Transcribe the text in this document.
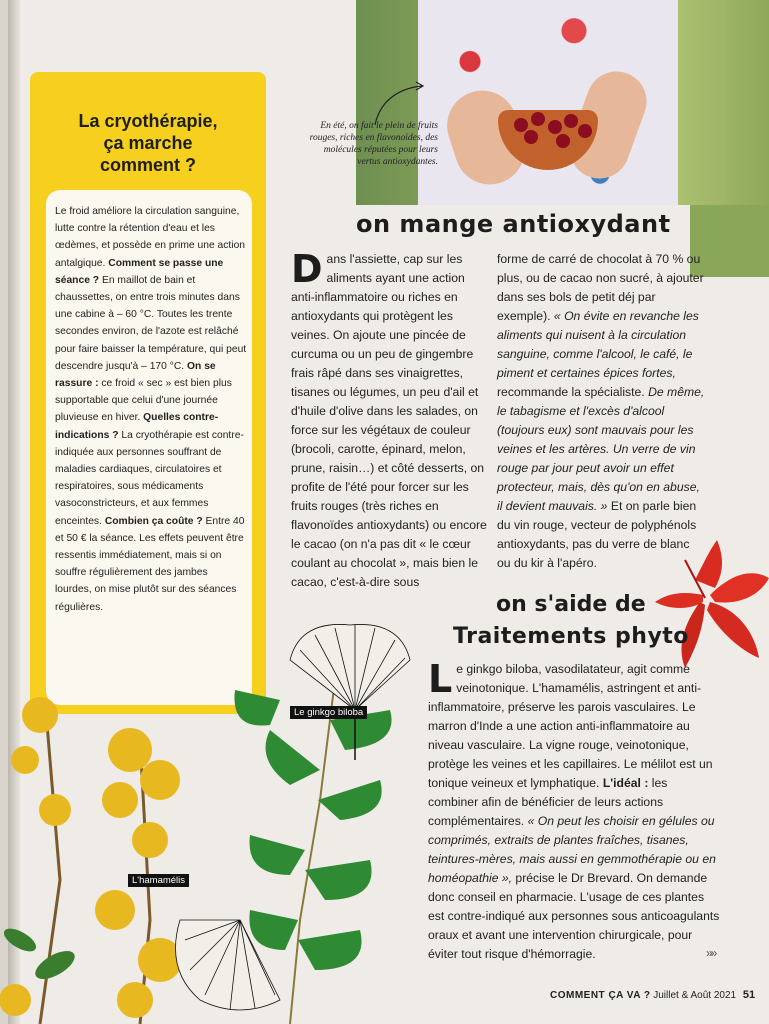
En été, on fait le plein de fruits rouges, riches en flavonoïdes, des molécules réputées pour leurs vertus antioxydantes.
La cryothérapie,
ça marche
comment ?
Le froid améliore la circulation sanguine, lutte contre la rétention d'eau et les œdèmes, et possède en prime une action antalgique. Comment se passe une séance ? En maillot de bain et chaussettes, on entre trois minutes dans une cabine à – 60 °C. Toutes les trente secondes environ, de l'azote est relâché pour faire baisser la température, qui peut descendre jusqu'à – 170 °C. On se rassure : ce froid « sec » est bien plus supportable que celui d'une journée pluvieuse en hiver. Quelles contre-indications ? La cryothérapie est contre-indiquée aux personnes souffrant de maladies cardiaques, circulatoires et respiratoires, sous médicaments vasoconstricteurs, et aux femmes enceintes. Combien ça coûte ? Entre 40 et 50 € la séance. Les effets peuvent être ressentis immédiatement, mais si on souffre régulièrement des jambes lourdes, on mise plutôt sur des séances régulières.
on mange antioxydant
Dans l'assiette, cap sur les aliments ayant une action anti-inflammatoire ou riches en antioxydants qui protègent les veines. On ajoute une pincée de curcuma ou un peu de gingembre frais râpé dans ses vinaigrettes, tisanes ou légumes, un peu d'ail et d'huile d'olive dans les salades, on force sur les végétaux de couleur (brocoli, carotte, épinard, melon, prune, raisin…) et côté desserts, on profite de l'été pour forcer sur les fruits rouges (très riches en flavonoïdes antioxydants) ou encore le cacao (on n'a pas dit « le cœur coulant au chocolat », mais bien le cacao, c'est-à-dire sous
forme de carré de chocolat à 70 % ou plus, ou de cacao non sucré, à ajouter dans ses bols de petit déj par exemple). « On évite en revanche les aliments qui nuisent à la circulation sanguine, comme l'alcool, le café, le piment et certaines épices fortes, recommande la spécialiste. De même, le tabagisme et l'excès d'alcool (toujours eux) sont mauvais pour les veines et les artères. Un verre de vin rouge par jour peut avoir un effet protecteur, mais, dès qu'on en abuse, il devient mauvais. » Et on parle bien du vin rouge, vecteur de polyphénols antioxydants, pas du verre de blanc ou du kir à l'apéro.
on s'aide de
Traitements phyto
Le ginkgo biloba, vasodilatateur, agit comme veinotonique. L'hamamélis, astringent et anti-inflammatoire, préserve les parois vasculaires. Le marron d'Inde a une action anti-inflammatoire au niveau vasculaire. La vigne rouge, veinotonique, protège les veines et les capillaires. Le mélilot est un tonique veineux et lymphatique. L'idéal : les combiner afin de bénéficier de leurs actions complémentaires. « On peut les choisir en gélules ou comprimés, extraits de plantes fraîches, tisanes, teintures-mères, mais aussi en gemmothérapie ou en homéopathie », précise le Dr Brevard. On demande donc conseil en pharmacie. L'usage de ces plantes est contre-indiqué aux personnes sous anticoagulants oraux et avant une intervention chirurgicale, pour éviter tout risque d'hémorragie.
Le ginkgo biloba
L'hamamélis
»»
COMMENT ÇA VA ? Juillet & Août 2021 51
